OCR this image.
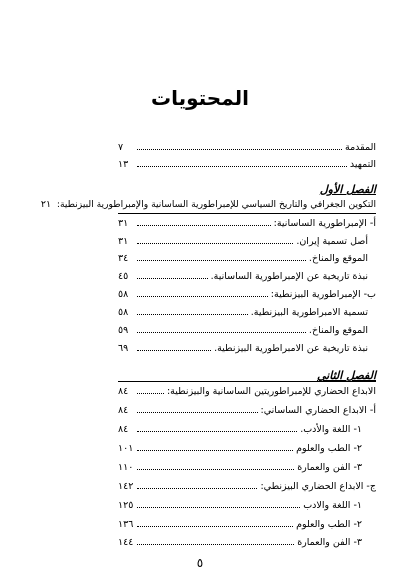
المحتويات
المقدمة
٧
التمهيد
١٣
الفصل الأول
التكوين الجغرافي والتاريخ السياسي للإمبراطورية الساسانية والإمبراطورية البيزنطية:
٢١
أ- الإمبراطورية الساسانية:
٣١
أصل تسمية إيران.
٣١
الموقع والمناخ.
٣٤
نبذة تاريخية عن الإمبراطورية الساسانية.
٤٥
ب- الإمبراطورية البيزنطية:
٥٨
تسمية الامبراطورية البيزنطية.
٥٨
الموقع والمناخ.
٥٩
نبذة تاريخية عن الامبراطورية البيزنطية.
٦٩
الفصل الثاني
الابداع الحضاري للإمبراطوريتين الساسانية والبيزنطية:
٨٤
أ- الابداع الحضاري الساساني:
٨٤
١- اللغة والأدب.
٨٤
٢- الطب والعلوم
١٠١
٣- الفن والعمارة
١١٠
ج- الابداع الحضاري البيزنطي:
١٤٢
١- اللغة والادب
١٢٥
٢- الطب والعلوم
١٣٦
٣- الفن والعمارة
١٤٤
٥
